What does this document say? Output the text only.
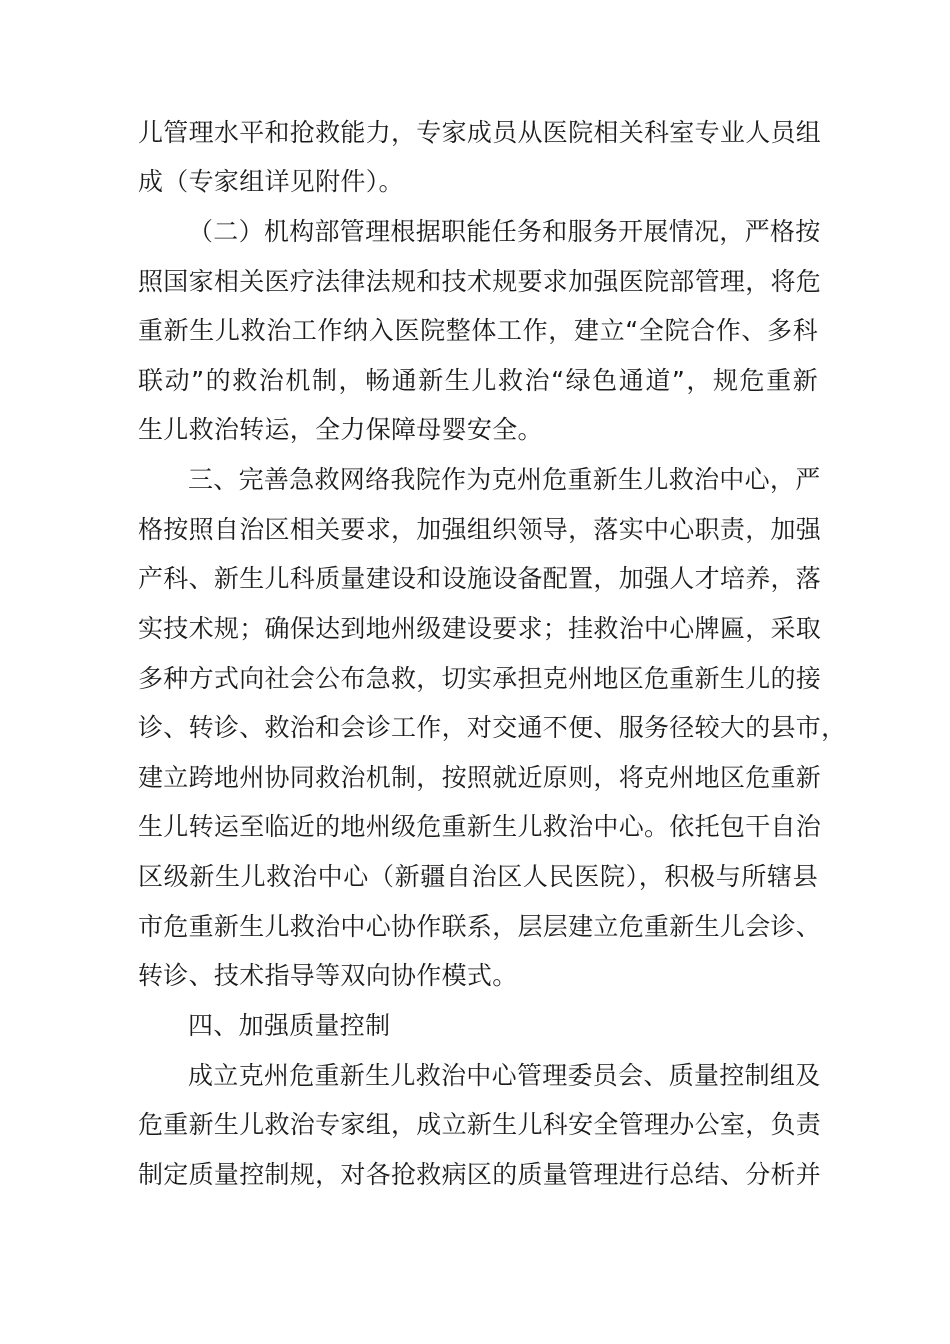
儿管理水平和抢救能力，专家成员从医院相关科室专业人员组
成（专家组详见附件）。
（二）机构部管理根据职能任务和服务开展情况，严格按
照国家相关医疗法律法规和技术规要求加强医院部管理，将危
重新生儿救治工作纳入医院整体工作，建立“全院合作、多科
联动”的救治机制，畅通新生儿救治“绿色通道”，规危重新
生儿救治转运，全力保障母婴安全。
三、完善急救网络我院作为克州危重新生儿救治中心，严
格按照自治区相关要求，加强组织领导，落实中心职责，加强
产科、新生儿科质量建设和设施设备配置，加强人才培养，落
实技术规；确保达到地州级建设要求；挂救治中心牌匾，采取
多种方式向社会公布急救，切实承担克州地区危重新生儿的接
诊、转诊、救治和会诊工作，对交通不便、服务径较大的县市，
建立跨地州协同救治机制，按照就近原则，将克州地区危重新
生儿转运至临近的地州级危重新生儿救治中心。依托包干自治
区级新生儿救治中心（新疆自治区人民医院），积极与所辖县
市危重新生儿救治中心协作联系，层层建立危重新生儿会诊、
转诊、技术指导等双向协作模式。
四、加强质量控制
成立克州危重新生儿救治中心管理委员会、质量控制组及
危重新生儿救治专家组，成立新生儿科安全管理办公室，负责
制定质量控制规，对各抢救病区的质量管理进行总结、分析并
